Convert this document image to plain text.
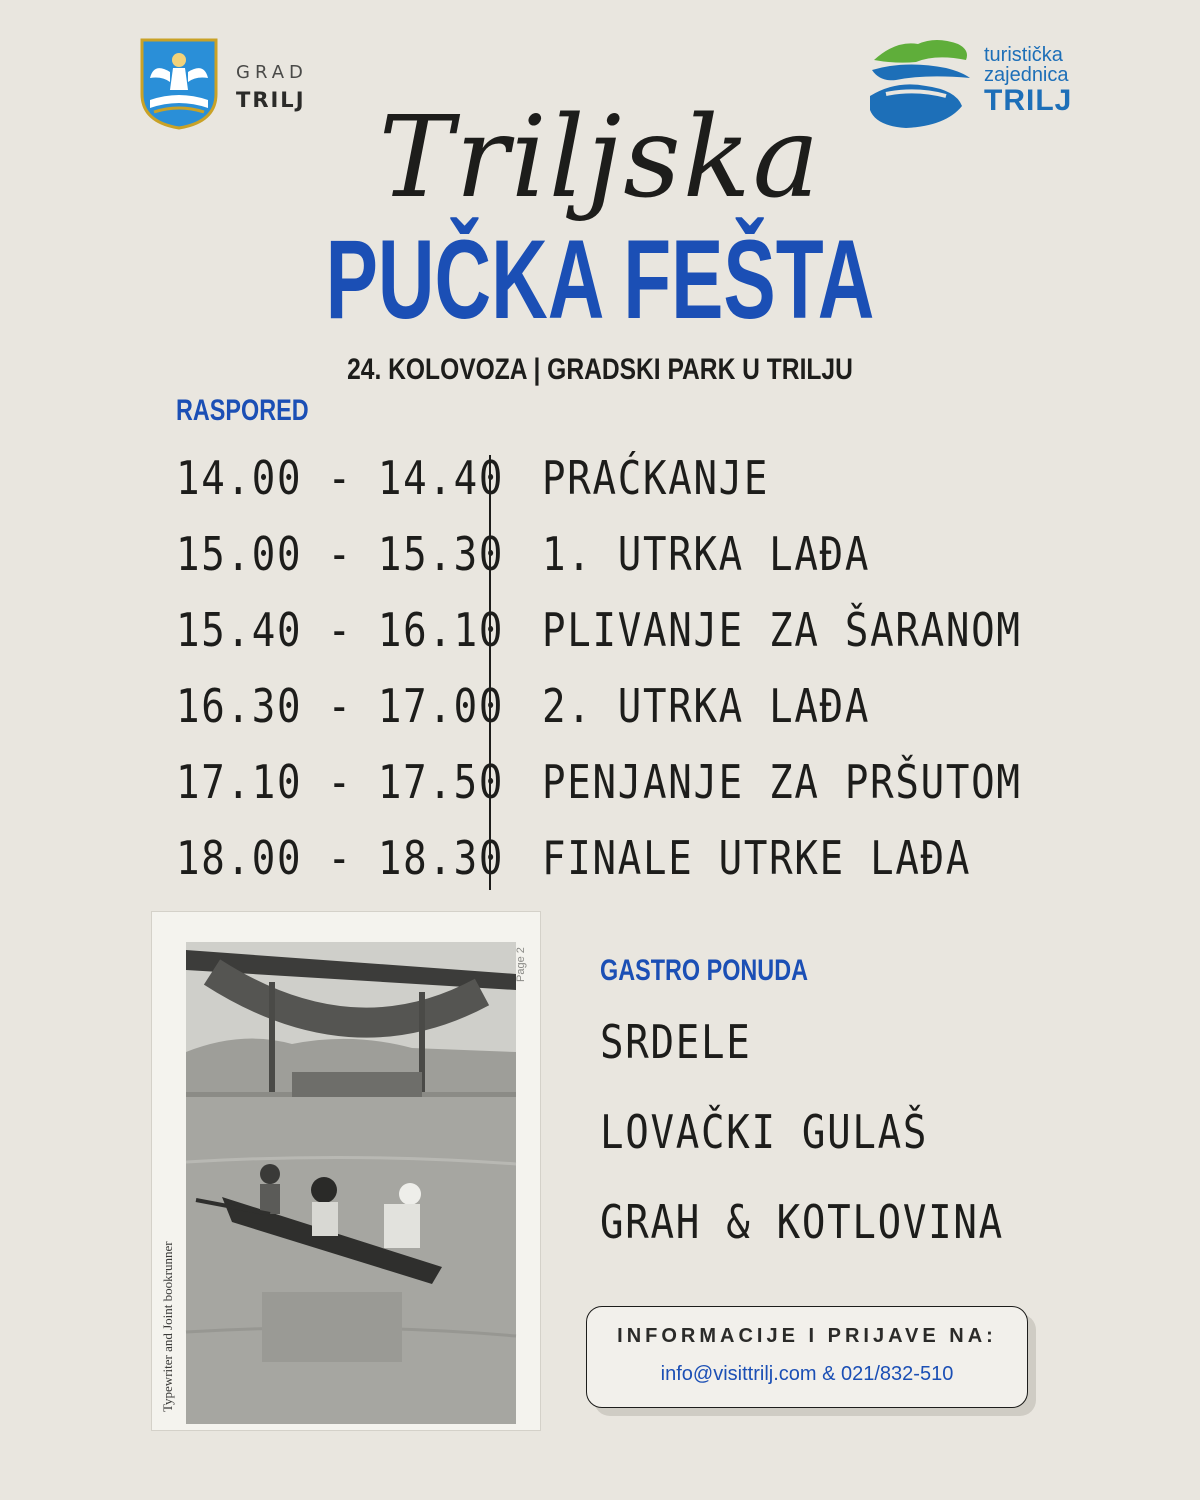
GRAD
TRILJ
turistička
zajednica
TRILJ
Triljska
PUČKA FEŠTA
24. KOLOVOZA | GRADSKI PARK U TRILJU
RASPORED
14.00 - 14.40 PRAĆKANJE
15.00 - 15.30 1. UTRKA LAĐA
15.40 - 16.10 PLIVANJE ZA ŠARANOM
16.30 - 17.00 2. UTRKA LAĐA
17.10 - 17.50 PENJANJE ZA PRŠUTOM
18.00 - 18.30 FINALE UTRKE LAĐA
Page 2
Typewriter and Joint bookrunner
GASTRO PONUDA
SRDELE
LOVAČKI GULAŠ
GRAH & KOTLOVINA
INFORMACIJE I PRIJAVE NA:
info@visittrilj.com & 021/832-510
